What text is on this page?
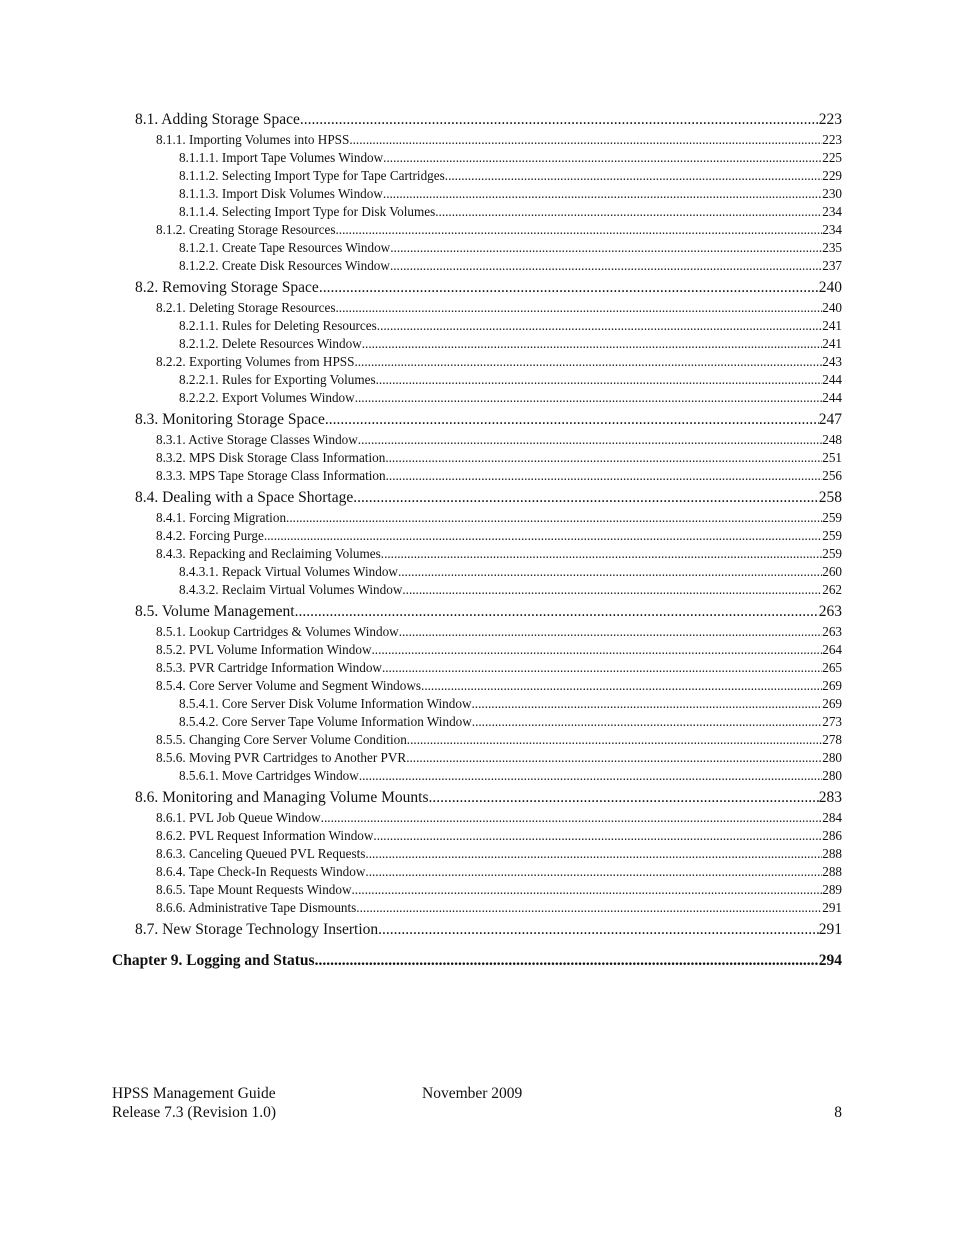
8.1. Adding Storage Space .....	223
8.1.1. Importing Volumes into HPSS .....	223
8.1.1.1. Import Tape Volumes Window .....	225
8.1.1.2. Selecting Import Type for Tape Cartridges .....	229
8.1.1.3. Import Disk Volumes Window .....	230
8.1.1.4. Selecting Import Type for Disk Volumes .....	234
8.1.2. Creating Storage Resources .....	234
8.1.2.1. Create Tape Resources Window .....	235
8.1.2.2. Create Disk Resources Window .....	237
8.2. Removing Storage Space .....	240
8.2.1. Deleting Storage Resources .....	240
8.2.1.1. Rules for Deleting Resources .....	241
8.2.1.2. Delete Resources Window .....	241
8.2.2. Exporting Volumes from HPSS .....	243
8.2.2.1. Rules for Exporting Volumes .....	244
8.2.2.2. Export Volumes Window .....	244
8.3. Monitoring Storage Space .....	247
8.3.1. Active Storage Classes Window .....	248
8.3.2. MPS Disk Storage Class Information .....	251
8.3.3. MPS Tape Storage Class Information .....	256
8.4. Dealing with a Space Shortage .....	258
8.4.1. Forcing Migration .....	259
8.4.2. Forcing Purge .....	259
8.4.3. Repacking and Reclaiming Volumes .....	259
8.4.3.1. Repack Virtual Volumes Window .....	260
8.4.3.2. Reclaim Virtual Volumes Window .....	262
8.5. Volume Management .....	263
8.5.1. Lookup Cartridges & Volumes Window .....	263
8.5.2. PVL Volume Information Window .....	264
8.5.3. PVR Cartridge Information Window .....	265
8.5.4. Core Server Volume and Segment Windows .....	269
8.5.4.1. Core Server Disk Volume Information Window .....	269
8.5.4.2. Core Server Tape Volume Information Window .....	273
8.5.5. Changing Core Server Volume Condition .....	278
8.5.6. Moving PVR Cartridges to Another PVR .....	280
8.5.6.1. Move Cartridges Window .....	280
8.6. Monitoring and Managing Volume Mounts .....	283
8.6.1. PVL Job Queue Window .....	284
8.6.2. PVL Request Information Window .....	286
8.6.3. Canceling Queued PVL Requests .....	288
8.6.4. Tape Check-In Requests Window .....	288
8.6.5. Tape Mount Requests Window .....	289
8.6.6. Administrative Tape Dismounts .....	291
8.7. New Storage Technology Insertion .....	291
Chapter 9. Logging and Status .....	294
HPSS Management Guide	November 2009
Release 7.3 (Revision 1.0)	8
